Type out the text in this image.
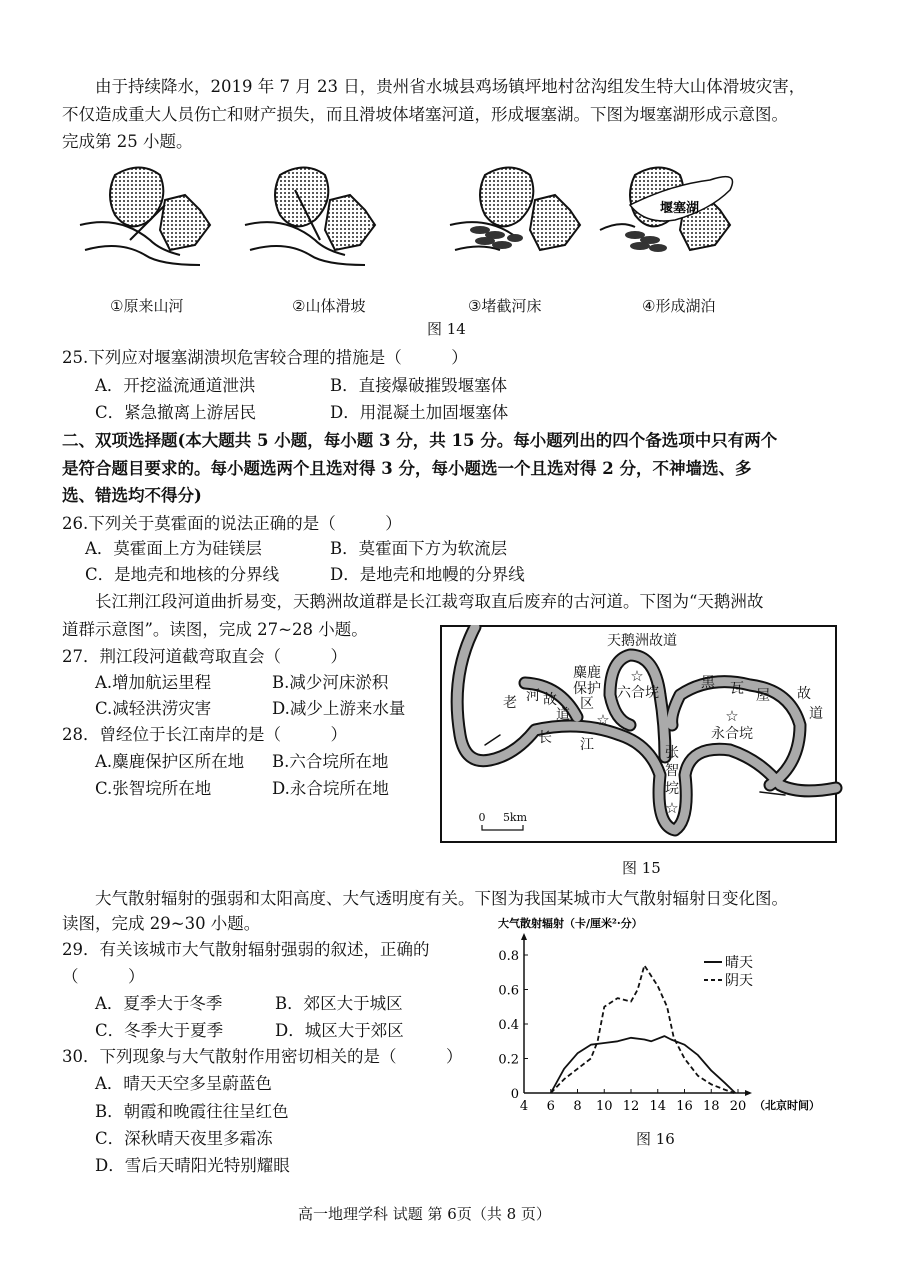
由于持续降水，2019 年 7 月 23 日，贵州省水城县鸡场镇坪地村岔沟组发生特大山体滑坡灾害，
不仅造成重大人员伤亡和财产损失，而且滑坡体堵塞河道，形成堰塞湖。下图为堰塞湖形成示意图。
完成第 25 小题。
堰塞湖
①原来山河	②山体滑坡	③堵截河床	④形成湖泊
图 14
25.下列应对堰塞湖溃坝危害较合理的措施是（　　　）
A．开挖溢流通道泄洪	B．直接爆破摧毁堰塞体
C．紧急撤离上游居民	D．用混凝土加固堰塞体
二、双项选择题(本大题共 5 小题，每小题 3 分，共 15 分。每小题列出的四个备选项中只有两个
是符合题目要求的。每小题选两个且选对得 3 分，每小题选一个且选对得 2 分，不神墙选、多
选、错选均不得分)
26.下列关于莫霍面的说法正确的是（　　　）
A．莫霍面上方为硅镁层	B．莫霍面下方为软流层
C．是地壳和地核的分界线	D．是地壳和地幔的分界线
长江荆江段河道曲折易变，天鹅洲故道群是长江裁弯取直后废弃的古河道。下图为“天鹅洲故
道群示意图”。读图，完成 27~28 小题。
27．荆江段河道截弯取直会（　　　）
A.增加航运里程	B.减少河床淤积
C.减轻洪涝灾害	D.减少上游来水量
28．曾经位于长江南岸的是（　　　）
A.麋鹿保护区所在地 B.六合垸所在地
C.张智垸所在地	D.永合垸所在地
天鹅洲故道
老 河 故
道
麋鹿
保护
区
☆
☆
六合垸
黑 瓦 屋 故
道
☆
永合垸
长 江	张
智
垸
☆
0 5km
图 15
大气散射辐射的强弱和太阳高度、大气透明度有关。下图为我国某城市大气散射辐射日变化图。
读图，完成 29~30 小题。
29．有关该城市大气散射辐射强弱的叙述，正确的
（　　　）
A．夏季大于冬季	B．郊区大于城区
C．冬季大于夏季	D．城区大于郊区
30．下列现象与大气散射作用密切相关的是（　　　）
A．晴天天空多呈蔚蓝色
B．朝霞和晚霞往往呈红色
C．深秋晴天夜里多霜冻
D．雪后天晴阳光特别耀眼
大气散射辐射（卡/厘米²·分）
（北京时间）
4 6 8 10 12 14 16 18 20
0
0.2
0.4
0.6
0.8	晴天
阴天
图 16
高一地理学科 试题 第 6页（共 8 页）
